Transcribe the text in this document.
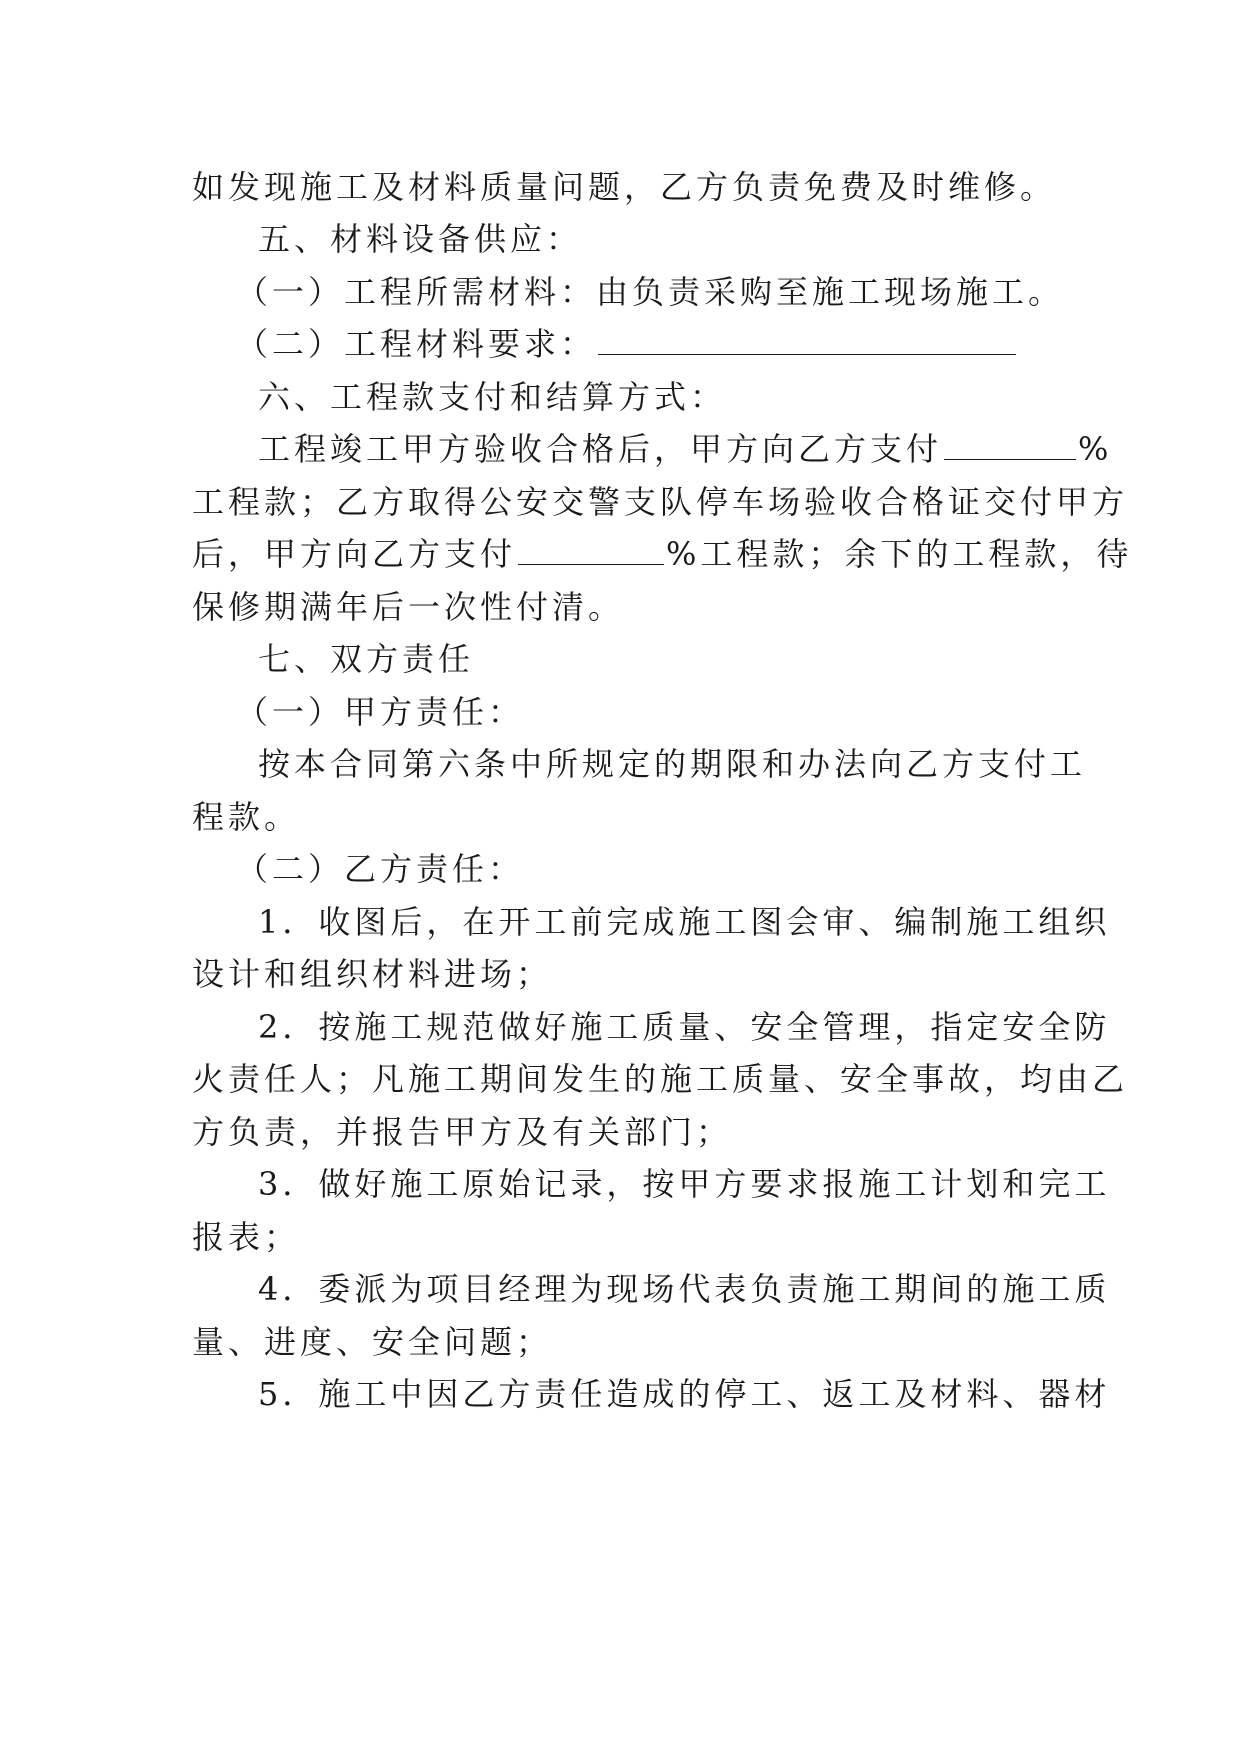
如发现施工及材料质量问题，乙方负责免费及时维修。
五、材料设备供应：
（一）工程所需材料：由负责采购至施工现场施工。
（二）工程材料要求：
六、工程款支付和结算方式：
工程竣工甲方验收合格后，甲方向乙方支付	%
工程款；乙方取得公安交警支队停车场验收合格证交付甲方
后，甲方向乙方支付	%工程款；余下的工程款，待
保修期满年后一次性付清。
七、双方责任
（一）甲方责任：
按本合同第六条中所规定的期限和办法向乙方支付工
程款。
（二）乙方责任：
1．收图后，在开工前完成施工图会审、编制施工组织
设计和组织材料进场；
2．按施工规范做好施工质量、安全管理，指定安全防
火责任人；凡施工期间发生的施工质量、安全事故，均由乙
方负责，并报告甲方及有关部门；
3．做好施工原始记录，按甲方要求报施工计划和完工
报表；
4．委派为项目经理为现场代表负责施工期间的施工质
量、进度、安全问题；
5．施工中因乙方责任造成的停工、返工及材料、器材
